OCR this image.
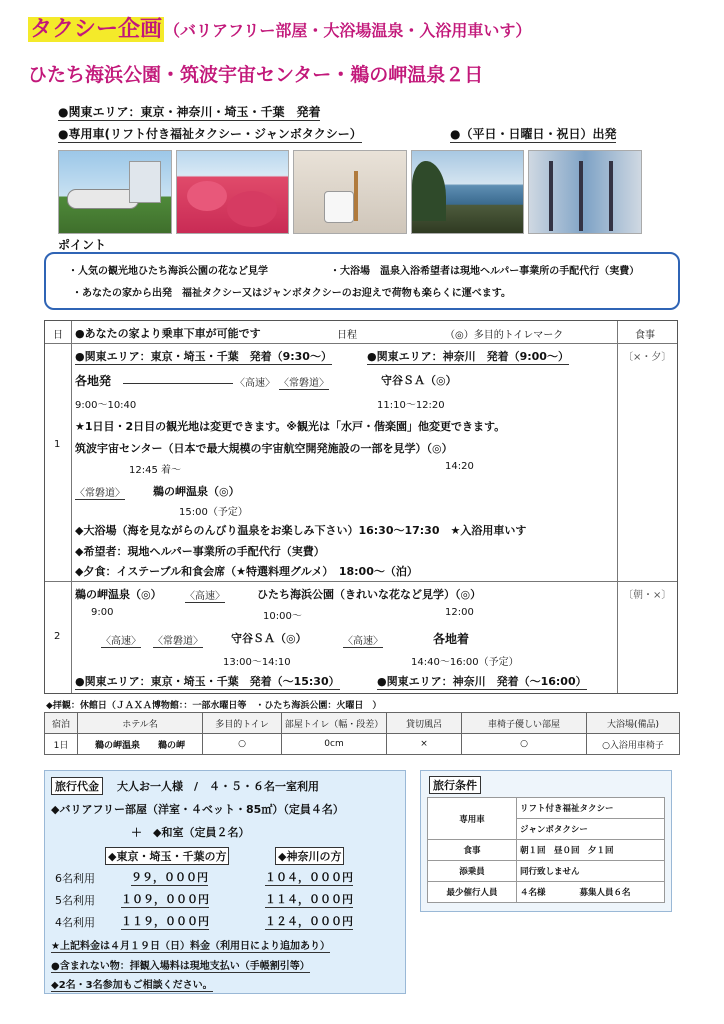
タクシー企画 （バリアフリー部屋・大浴場温泉・入浴用車いす）
ひたち海浜公園・筑波宇宙センター・鵜の岬温泉２日
●関東エリア：東京・神奈川・埼玉・千葉　発着
●専用車(リフト付き福祉タクシー・ジャンボタクシー）	●（平日・日曜日・祝日）出発
ポイント
・人気の観光地ひたち海浜公園の花など見学	・大浴場　温泉入浴希望者は現地ヘルパー事業所の手配代行（実費）
・あなたの家から出発　福祉タクシー又はジャンボタクシーのお迎えで荷物も楽らくに運べます。
日 ●あなたの家より乗車下車が可能です	日程	（◎）多目的トイレマーク	食事
1
〔×・夕〕
●関東エリア：東京・埼玉・千葉　発着（9:30〜）	●関東エリア：神奈川　発着（9:00〜）
各地発	〈高速〉 〈常磐道〉	守谷ＳＡ（◎）
9:00〜10:40	11:10〜12:20
★1日目・2日目の観光地は変更できます。※観光は「水戸・偕楽園」他変更できます。
筑波宇宙センター（日本で最大規模の宇宙航空開発施設の一部を見学）（◎）
12:45 着〜	14:20
〈常磐道〉	鵜の岬温泉（◎）
15:00（予定）
◆大浴場（海を見ながらのんびり温泉をお楽しみ下さい）16:30〜17:30　★入浴用車いす
◆希望者：現地ヘルパー事業所の手配代行（実費）
◆夕食：イステーブル和食会席（★特選料理グルメ）　18:00〜（泊）
2
〔朝・×〕
鵜の岬温泉（◎） 〈高速〉	ひたち海浜公園（きれいな花など見学）（◎）
9:00	10:00〜	12:00
〈高速〉 〈常磐道〉	守谷ＳＡ（◎）	〈高速〉	各地着
13:00〜14:10	14:40〜16:00（予定）
●関東エリア：東京・埼玉・千葉　発着（〜15:30）	●関東エリア：神奈川　発着（〜16:00）
◆拝観：休館日（ＪＡＸＡ博物館：：一部水曜日等　・ひたち海浜公園：火曜日　）
宿泊	ホテル名	多目的トイレ	部屋トイレ（幅・段差）	貸切風呂	車椅子優しい部屋	大浴場(備品)
1日	鵜の岬温泉　　鵜の岬	○	0cm	×	○	○入浴用車椅子
旅行代金	大人お一人様　/　４・５・６名一室利用
◆バリアフリー部屋（洋室・４ベット・85㎡）（定員４名）
＋　◆和室（定員２名）
◆東京・埼玉・千葉の方	◆神奈川の方
6名利用	９９，０００円	１０４，０００円
5名利用 １０９，０００円	１１４，０００円
4名利用 １１９，０００円	１２４，０００円
★上記料金は４月１９日（日）料金（利用日により追加あり）
●含まれない物：拝観入場料は現地支払い（手帳割引等）
◆2名・3名参加もご相談ください。
旅行条件
専用車	リフト付き福祉タクシー
	ジャンボタクシー
食事	朝１回　昼０回　夕１回
添乗員	同行致しません
最少催行人員	４名様　　　　 募集人員６名
